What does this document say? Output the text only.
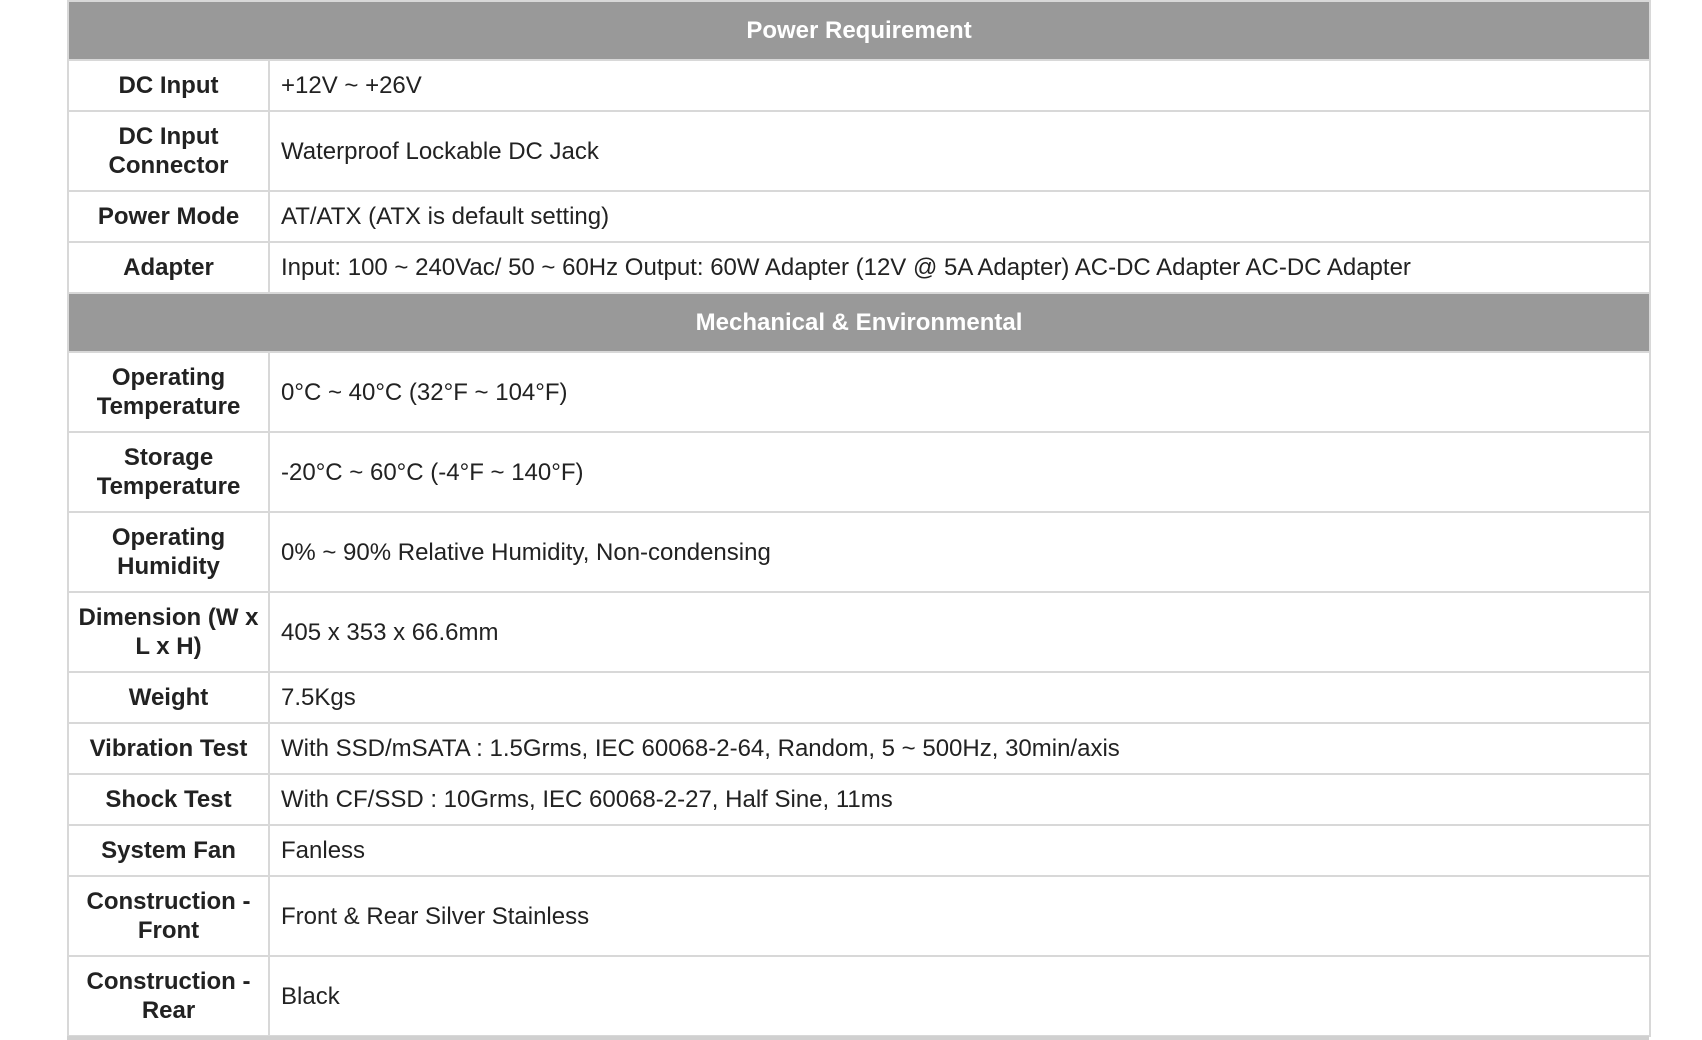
Power Requirement	
DC Input	+12V ~ +26V
DC Input Connector	Waterproof Lockable DC Jack
Power Mode	AT/ATX (ATX is default setting)
Adapter	Input: 100 ~ 240Vac/ 50 ~ 60Hz Output: 60W Adapter (12V @ 5A Adapter) AC-DC Adapter AC-DC Adapter
Mechanical & Environmental	
Operating Temperature	0°C ~ 40°C (32°F ~ 104°F)
Storage Temperature	-20°C ~ 60°C (-4°F ~ 140°F)
Operating Humidity	0% ~ 90% Relative Humidity, Non-condensing
Dimension (W x L x H)	405 x 353 x 66.6mm
Weight	7.5Kgs
Vibration Test	With SSD/mSATA : 1.5Grms, IEC 60068-2-64, Random, 5 ~ 500Hz, 30min/axis
Shock Test	With CF/SSD : 10Grms, IEC 60068-2-27, Half Sine, 11ms
System Fan	Fanless
Construction - Front	Front & Rear Silver Stainless
Construction - Rear	Black
